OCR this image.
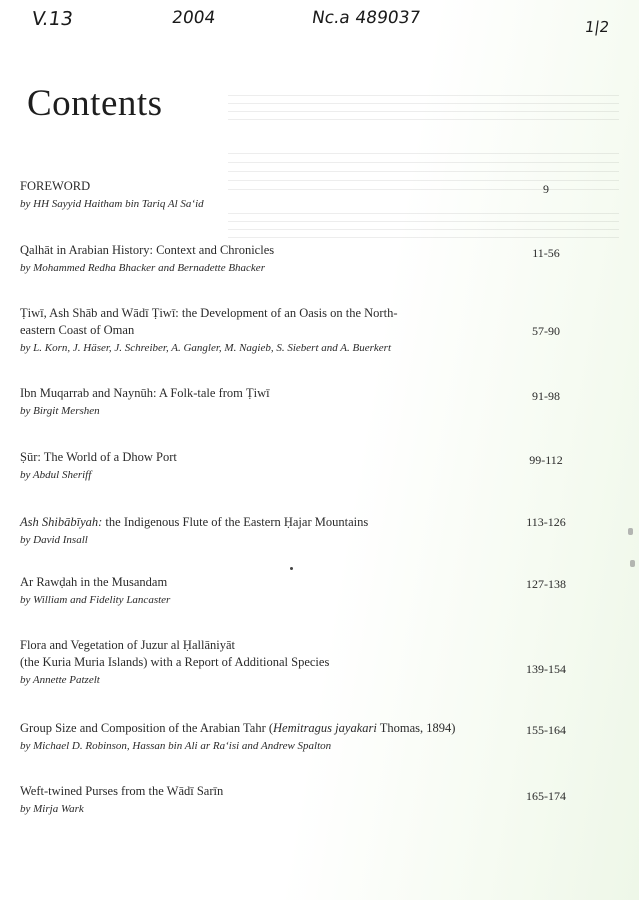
V.13	2004	Nc.a 489037	1|2
Contents
FOREWORD
by HH Sayyid Haitham bin Tariq Al Sa‘id
9
Qalhāt in Arabian History: Context and Chronicles
by Mohammed Redha Bhacker and Bernadette Bhacker
11-56
Ṭiwī, Ash Shāb and Wādī Ṭiwī: the Development of an Oasis on the North-
eastern Coast of Oman
by L. Korn, J. Häser, J. Schreiber, A. Gangler, M. Nagieb, S. Siebert and A. Buerkert
57-90
Ibn Muqarrab and Naynūh: A Folk-tale from Ṭiwī
by Birgit Mershen
91-98
Ṣūr: The World of a Dhow Port
by Abdul Sheriff
99-112
Ash Shibābīyah: the Indigenous Flute of the Eastern Ḥajar Mountains
by David Insall
113-126
Ar Rawḍah in the Musandam
by William and Fidelity Lancaster
127-138
Flora and Vegetation of Juzur al Ḥallāniyāt
(the Kuria Muria Islands) with a Report of Additional Species
by Annette Patzelt
139-154
Group Size and Composition of the Arabian Tahr (Hemitragus jayakari Thomas, 1894)
by Michael D. Robinson, Hassan bin Ali ar Ra‘isi and Andrew Spalton
155-164
Weft-twined Purses from the Wādī Sarīn
by Mirja Wark
165-174
